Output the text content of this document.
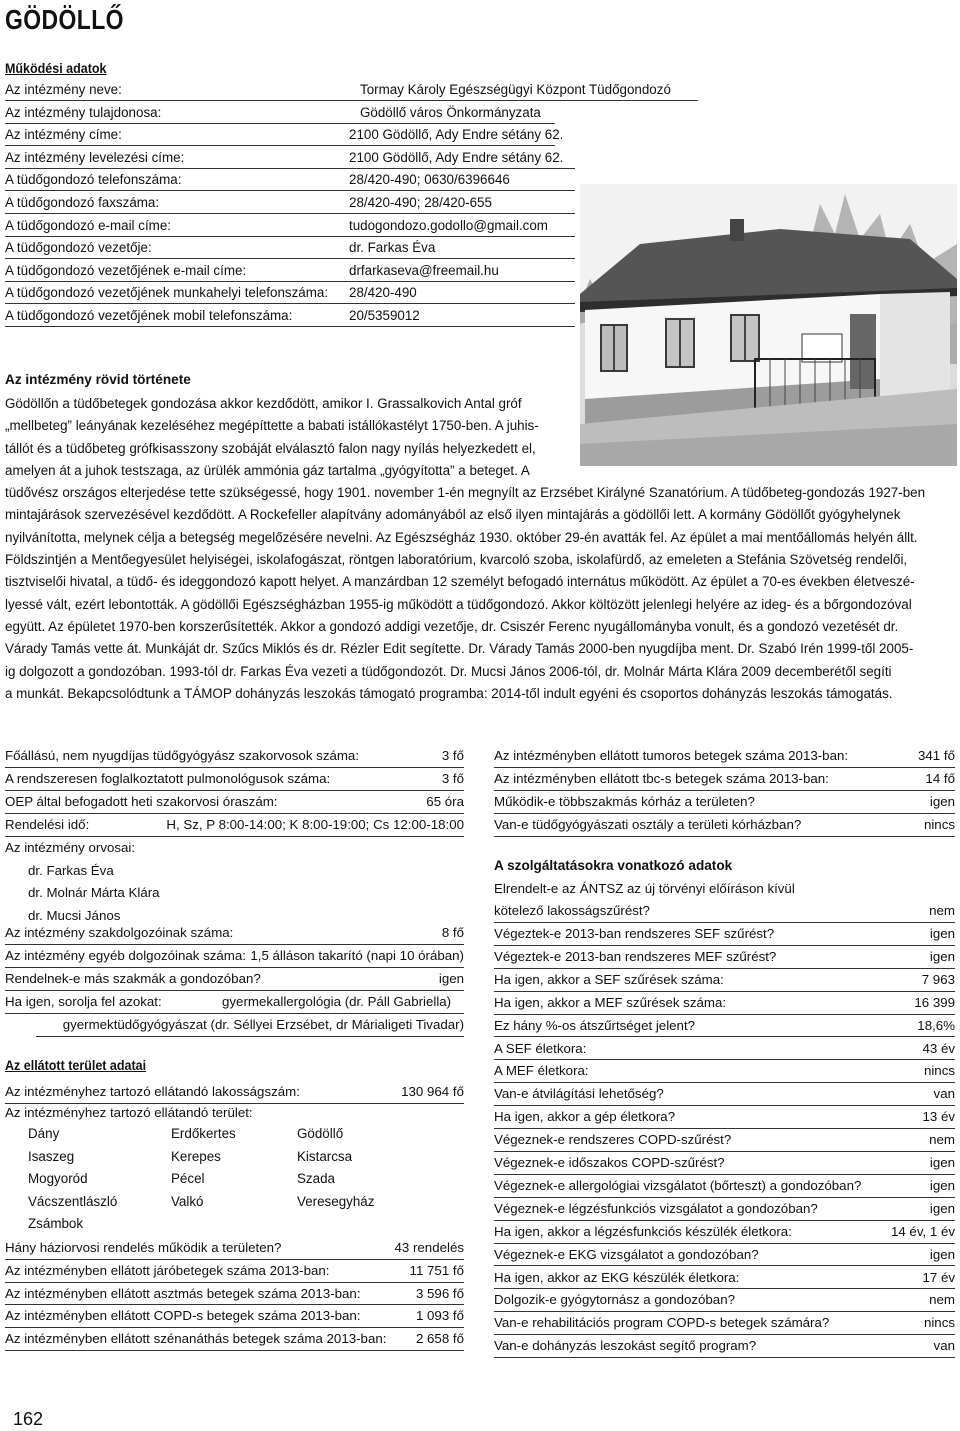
GÖDÖLLŐ
Működési adatok
Az intézmény neve:	Tormay Károly Egészségügyi Központ Tüdőgondozó
Az intézmény tulajdonosa:	Gödöllő város Önkormányzata
Az intézmény címe:	2100 Gödöllő, Ady Endre sétány 62.
Az intézmény levelezési címe:	2100 Gödöllő, Ady Endre sétány 62.
A tüdőgondozó telefonszáma:	28/420-490; 0630/6396646
A tüdőgondozó faxszáma:	28/420-490; 28/420-655
A tüdőgondozó e-mail címe:	tudogondozo.godollo@gmail.com
A tüdőgondozó vezetője:	dr. Farkas Éva
A tüdőgondozó vezetőjének e-mail címe:	drfarkaseva@freemail.hu
A tüdőgondozó vezetőjének munkahelyi telefonszáma: 28/420-490
A tüdőgondozó vezetőjének mobil telefonszáma:	20/5359012
Az intézmény rövid története
Gödöllőn a tüdőbetegek gondozása akkor kezdődött, amikor I. Grassalkovich Antal gróf
„mellbeteg” leányának kezeléséhez megépíttette a babati istállókastélyt 1750-ben. A juhis-
tállót és a tüdőbeteg grófkisasszony szobáját elválasztó falon nagy nyílás helyezkedett el,
amelyen át a juhok testszaga, az ürülék ammónia gáz tartalma „gyógyította” a beteget. A
tüdővész országos elterjedése tette szükségessé, hogy 1901. november 1-én megnyílt az Erzsébet Királyné Szanatórium. A tüdőbeteg-gondozás 1927-ben
mintajárások szervezésével kezdődött. A Rockefeller alapítvány adományából az első ilyen mintajárás a gödöllői lett. A kormány Gödöllőt gyógyhelynek
nyilvánította, melynek célja a betegség megelőzésére nevelni. Az Egészségház 1930. október 29-én avatták fel. Az épület a mai mentőállomás helyén állt.
Földszintjén a Mentőegyesület helyiségei, iskolafogászat, röntgen laboratórium, kvarcoló szoba, iskolafürdő, az emeleten a Stefánia Szövetség rendelői,
tisztviselői hivatal, a tüdő- és ideggondozó kapott helyet. A manzárdban 12 személyt befogadó internátus működött. Az épület a 70-es években életveszé-
lyessé vált, ezért lebontották. A gödöllői Egészségházban 1955-ig működött a tüdőgondozó. Akkor költözött jelenlegi helyére az ideg- és a bőrgondozóval
együtt. Az épületet 1970-ben korszerűsítették. Akkor a gondozó addigi vezetője, dr. Csiszér Ferenc nyugállományba vonult, és a gondozó vezetését dr.
Várady Tamás vette át. Munkáját dr. Szűcs Miklós és dr. Rézler Edit segítette. Dr. Várady Tamás 2000-ben nyugdíjba ment. Dr. Szabó Irén 1999-től 2005-
ig dolgozott a gondozóban. 1993-tól dr. Farkas Éva vezeti a tüdőgondozót. Dr. Mucsi János 2006-tól, dr. Molnár Márta Klára 2009 decemberétől segíti
a munkát. Bekapcsolódtunk a TÁMOP dohányzás leszokás támogató programba: 2014-től indult egyéni és csoportos dohányzás leszokás támogatás.
Főállású, nem nyugdíjas tüdőgyógyász szakorvosok száma:	3 fő
A rendszeresen foglalkoztatott pulmonológusok száma:	3 fő
OEP által befogadott heti szakorvosi óraszám:	65 óra
Rendelési idő:	H, Sz, P 8:00-14:00; K 8:00-19:00; Cs 12:00-18:00
Az intézmény orvosai:
dr. Farkas Éva
dr. Molnár Márta Klára
dr. Mucsi János
Az intézmény szakdolgozóinak száma:	8 fő
Az intézmény egyéb dolgozóinak száma: 1,5 álláson takarító (napi 10 órában)
Rendelnek-e más szakmák a gondozóban?	igen
Ha igen, sorolja fel azokat:	gyermekallergológia (dr. Páll Gabriella)
gyermektüdőgyógyászat (dr. Séllyei Erzsébet, dr Márialigeti Tivadar)
Az ellátott terület adatai
Az intézményhez tartozó ellátandó lakosságszám:	130 964 fő
Az intézményhez tartozó ellátandó terület:
Dány	Erdőkertes	Gödöllő
Isaszeg	Kerepes	Kistarcsa
Mogyoród	Pécel	Szada
Vácszentlászló	Valkó	Veresegyház
Zsámbok
Hány háziorvosi rendelés működik a területen?	43 rendelés
Az intézményben ellátott járóbetegek száma 2013-ban:	11 751 fő
Az intézményben ellátott asztmás betegek száma 2013-ban:	3 596 fő
Az intézményben ellátott COPD-s betegek száma 2013-ban:	1 093 fő
Az intézményben ellátott szénanáthás betegek száma 2013-ban: 2 658 fő
Az intézményben ellátott tumoros betegek száma 2013-ban:	341 fő
Az intézményben ellátott tbc-s betegek száma 2013-ban:	14 fő
Működik-e többszakmás kórház a területen?	igen
Van-e tüdőgyógyászati osztály a területi kórházban?	nincs
A szolgáltatásokra vonatkozó adatok
Elrendelt-e az ÁNTSZ az új törvényi előíráson kívül
kötelező lakosságszűrést?	nem
Végeztek-e 2013-ban rendszeres SEF szűrést?	igen
Végeztek-e 2013-ban rendszeres MEF szűrést?	igen
Ha igen, akkor a SEF szűrések száma:	7 963
Ha igen, akkor a MEF szűrések száma:	16 399
Ez hány %-os átszűrtséget jelent?	18,6%
A SEF életkora:	43 év
A MEF életkora:	nincs
Van-e átvilágítási lehetőség?	van
Ha igen, akkor a gép életkora?	13 év
Végeznek-e rendszeres COPD-szűrést?	nem
Végeznek-e időszakos COPD-szűrést?	igen
Végeznek-e allergológiai vizsgálatot (bőrteszt) a gondozóban?	igen
Végeznek-e légzésfunkciós vizsgálatot a gondozóban?	igen
Ha igen, akkor a légzésfunkciós készülék életkora:	14 év, 1 év
Végeznek-e EKG vizsgálatot a gondozóban?	igen
Ha igen, akkor az EKG készülék életkora:	17 év
Dolgozik-e gyógytornász a gondozóban?	nem
Van-e rehabilitációs program COPD-s betegek számára?	nincs
Van-e dohányzás leszokást segítő program?	van
162
